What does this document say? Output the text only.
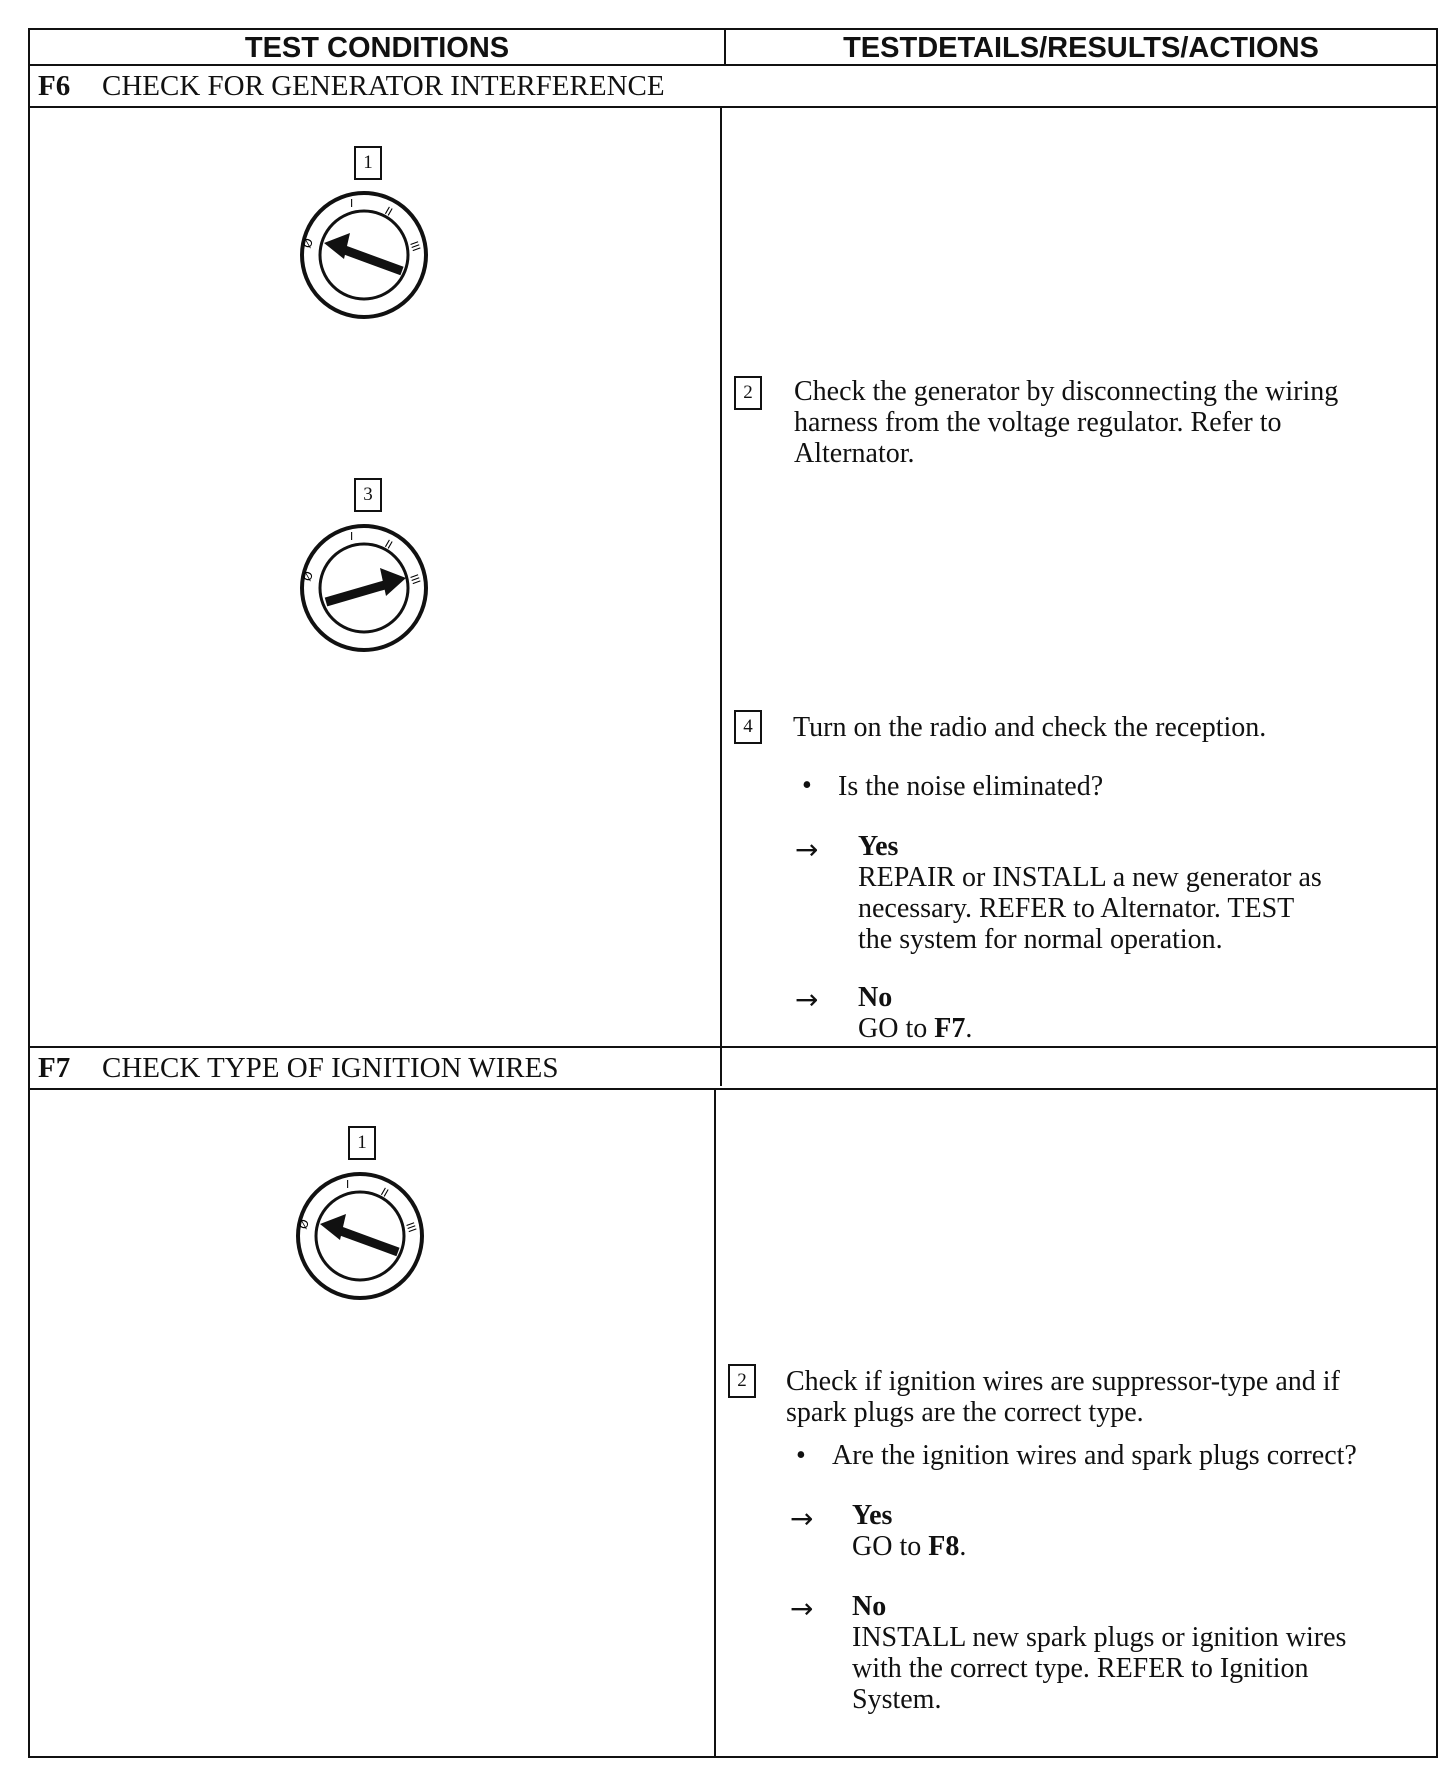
TEST CONDITIONS	TESTDETAILS/RESULTS/ACTIONS
F6 CHECK FOR GENERATOR INTERFERENCE
1
Ø
I
II
III
3
Ø
I
II
III
2	Check the generator by disconnecting the wiring
harness from the voltage regulator. Refer to
Alternator.
4	Turn on the radio and check the reception.
• Is the noise eliminated?
→ Yes
REPAIR or INSTALL a new generator as
necessary. REFER to Alternator. TEST
the system for normal operation.
→ No
GO to F7.
F7 CHECK TYPE OF IGNITION WIRES
1
Ø
I
II
III
2	Check if ignition wires are suppressor-type and if
spark plugs are the correct type.
• Are the ignition wires and spark plugs correct?
→ Yes
GO to F8.
→ No
INSTALL new spark plugs or ignition wires
with the correct type. REFER to Ignition
System.
